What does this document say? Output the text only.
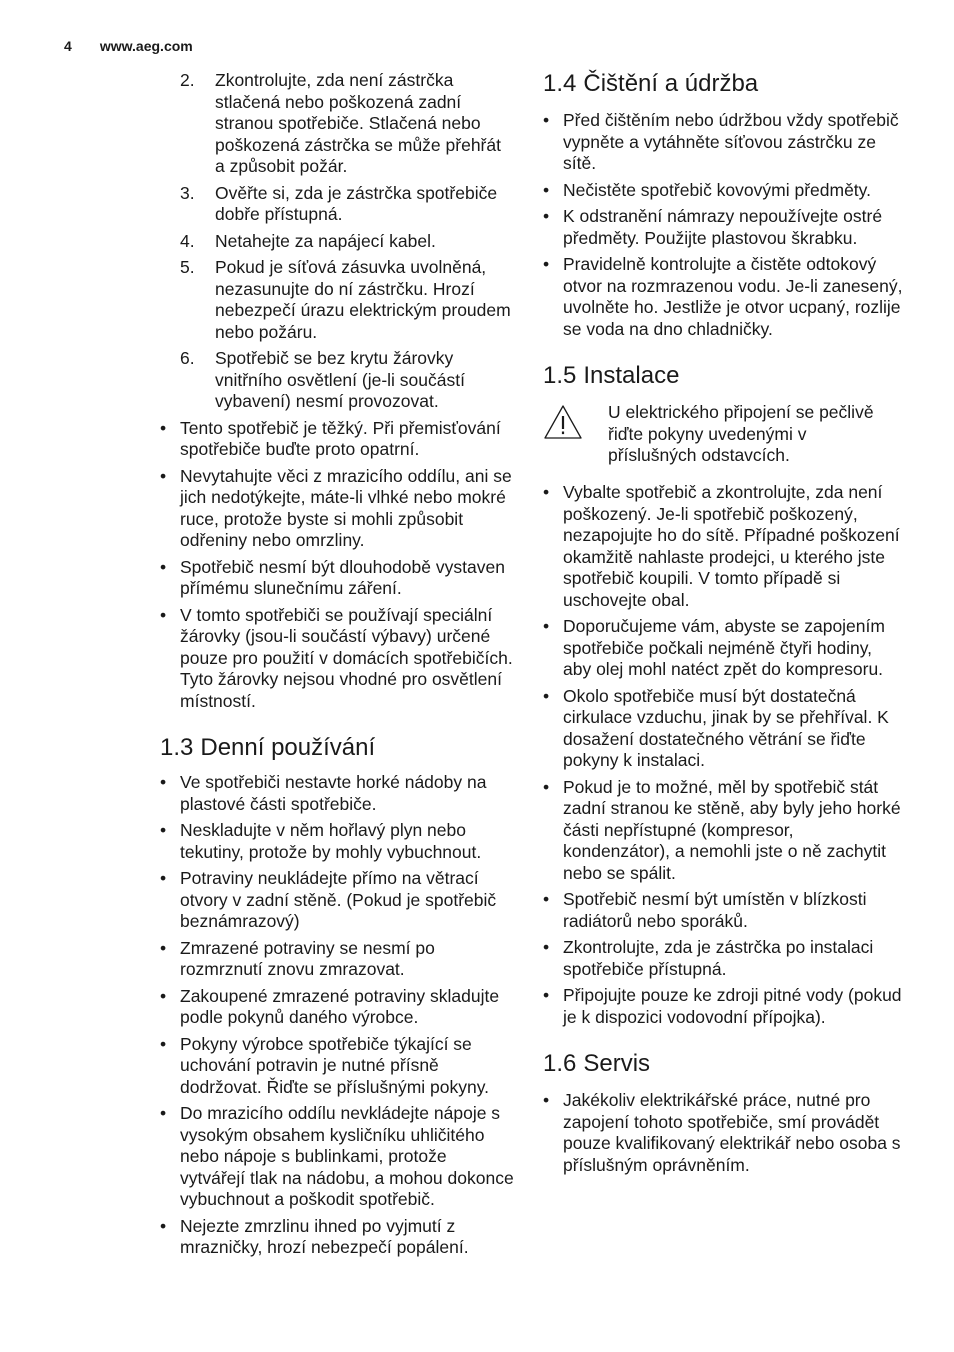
4 www.aeg.com
2. Zkontrolujte, zda není zástrčka stlačená nebo poškozená zadní stranou spotřebiče. Stlačená nebo poškozená zástrčka se může přehřát a způsobit požár.
3. Ověřte si, zda je zástrčka spotřebiče dobře přístupná.
4. Netahejte za napájecí kabel.
5. Pokud je síťová zásuvka uvolněná, nezasunujte do ní zástrčku. Hrozí nebezpečí úrazu elektrickým proudem nebo požáru.
6. Spotřebič se bez krytu žárovky vnitřního osvětlení (je-li součástí vybavení) nesmí provozovat.
• Tento spotřebič je těžký. Při přemisťování spotřebiče buďte proto opatrní.
• Nevytahujte věci z mrazicího oddílu, ani se jich nedotýkejte, máte-li vlhké nebo mokré ruce, protože byste si mohli způsobit odřeniny nebo omrzliny.
• Spotřebič nesmí být dlouhodobě vystaven přímému slunečnímu záření.
• V tomto spotřebiči se používají speciální žárovky (jsou-li součástí výbavy) určené pouze pro použití v domácích spotřebičích. Tyto žárovky nejsou vhodné pro osvětlení místností.
1.3 Denní používání
• Ve spotřebiči nestavte horké nádoby na plastové části spotřebiče.
• Neskladujte v něm hořlavý plyn nebo tekutiny, protože by mohly vybuchnout.
• Potraviny neukládejte přímo na větrací otvory v zadní stěně. (Pokud je spotřebič beznámrazový)
• Zmrazené potraviny se nesmí po rozmrznutí znovu zmrazovat.
• Zakoupené zmrazené potraviny skladujte podle pokynů daného výrobce.
• Pokyny výrobce spotřebiče týkající se uchování potravin je nutné přísně dodržovat. Řiďte se příslušnými pokyny.
• Do mrazicího oddílu nevkládejte nápoje s vysokým obsahem kysličníku uhličitého nebo nápoje s bublinkami, protože vytvářejí tlak na nádobu, a mohou dokonce vybuchnout a poškodit spotřebič.
• Nejezte zmrzlinu ihned po vyjmutí z mrazničky, hrozí nebezpečí popálení.
1.4 Čištění a údržba
• Před čištěním nebo údržbou vždy spotřebič vypněte a vytáhněte síťovou zástrčku ze sítě.
• Nečistěte spotřebič kovovými předměty.
• K odstranění námrazy nepoužívejte ostré předměty. Použijte plastovou škrabku.
• Pravidelně kontrolujte a čistěte odtokový otvor na rozmrazenou vodu. Je-li zanesený, uvolněte ho. Jestliže je otvor ucpaný, rozlije se voda na dno chladničky.
1.5 Instalace
U elektrického připojení se pečlivě řiďte pokyny uvedenými v příslušných odstavcích.
• Vybalte spotřebič a zkontrolujte, zda není poškozený. Je-li spotřebič poškozený, nezapojujte ho do sítě. Případné poškození okamžitě nahlaste prodejci, u kterého jste spotřebič koupili. V tomto případě si uschovejte obal.
• Doporučujeme vám, abyste se zapojením spotřebiče počkali nejméně čtyři hodiny, aby olej mohl natéct zpět do kompresoru.
• Okolo spotřebiče musí být dostatečná cirkulace vzduchu, jinak by se přehříval. K dosažení dostatečného větrání se řiďte pokyny k instalaci.
• Pokud je to možné, měl by spotřebič stát zadní stranou ke stěně, aby byly jeho horké části nepřístupné (kompresor, kondenzátor), a nemohli jste o ně zachytit nebo se spálit.
• Spotřebič nesmí být umístěn v blízkosti radiátorů nebo sporáků.
• Zkontrolujte, zda je zástrčka po instalaci spotřebiče přístupná.
• Připojujte pouze ke zdroji pitné vody (pokud je k dispozici vodovodní přípojka).
1.6 Servis
• Jakékoliv elektrikářské práce, nutné pro zapojení tohoto spotřebiče, smí provádět pouze kvalifikovaný elektrikář nebo osoba s příslušným oprávněním.
